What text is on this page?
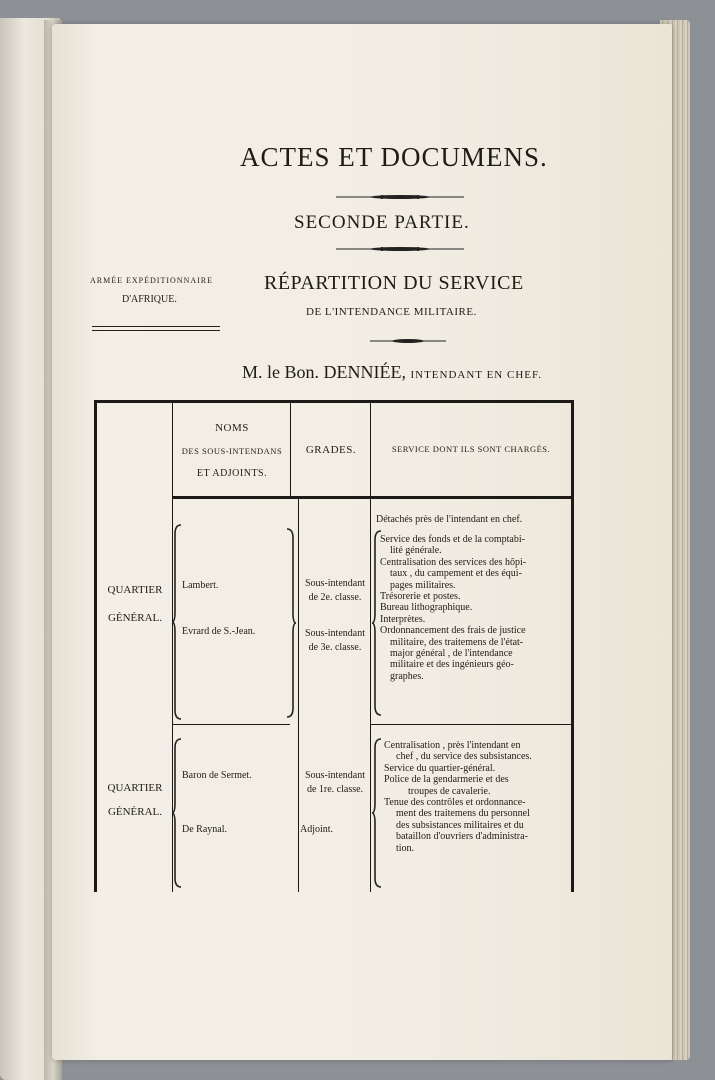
ACTES ET DOCUMENS.
SECONDE PARTIE.
ARMÉE EXPÉDITIONNAIRE
D'AFRIQUE.
RÉPARTITION DU SERVICE
DE L'INTENDANCE MILITAIRE.
M. le Bon. DENNIÉE, INTENDANT EN CHEF.
NOMS
DES SOUS-INTENDANS
ET ADJOINTS.
GRADES.	SERVICE DONT ILS SONT CHARGÉS.
QUARTIER
GÉNÉRAL.
Lambert.
Evrard de S.-Jean.
Sous-intendant
de 2e. classe.
Sous-intendant
de 3e. classe.
Détachés près de l'intendant en chef.
Service des fonds et de la comptabi-
lité générale.
Centralisation des services des hôpi-
taux , du campement et des équi-
pages militaires.
Trésorerie et postes.
Bureau lithographique.
Interprètes.
Ordonnancement des frais de justice
militaire, des traitemens de l'état-
major général , de l'intendance
militaire et des ingénieurs géo-
graphes.
QUARTIER
GÉNÉRAL.
Baron de Sermet.
De Raynal.
Sous-intendant
de 1re. classe.
Adjoint.
Centralisation , près l'intendant en
chef , du service des subsistances.
Service du quartier-général.
Police de la gendarmerie et des
troupes de cavalerie.
Tenue des contrôles et ordonnance-
ment des traitemens du personnel
des subsistances militaires et du
bataillon d'ouvriers d'administra-
tion.
